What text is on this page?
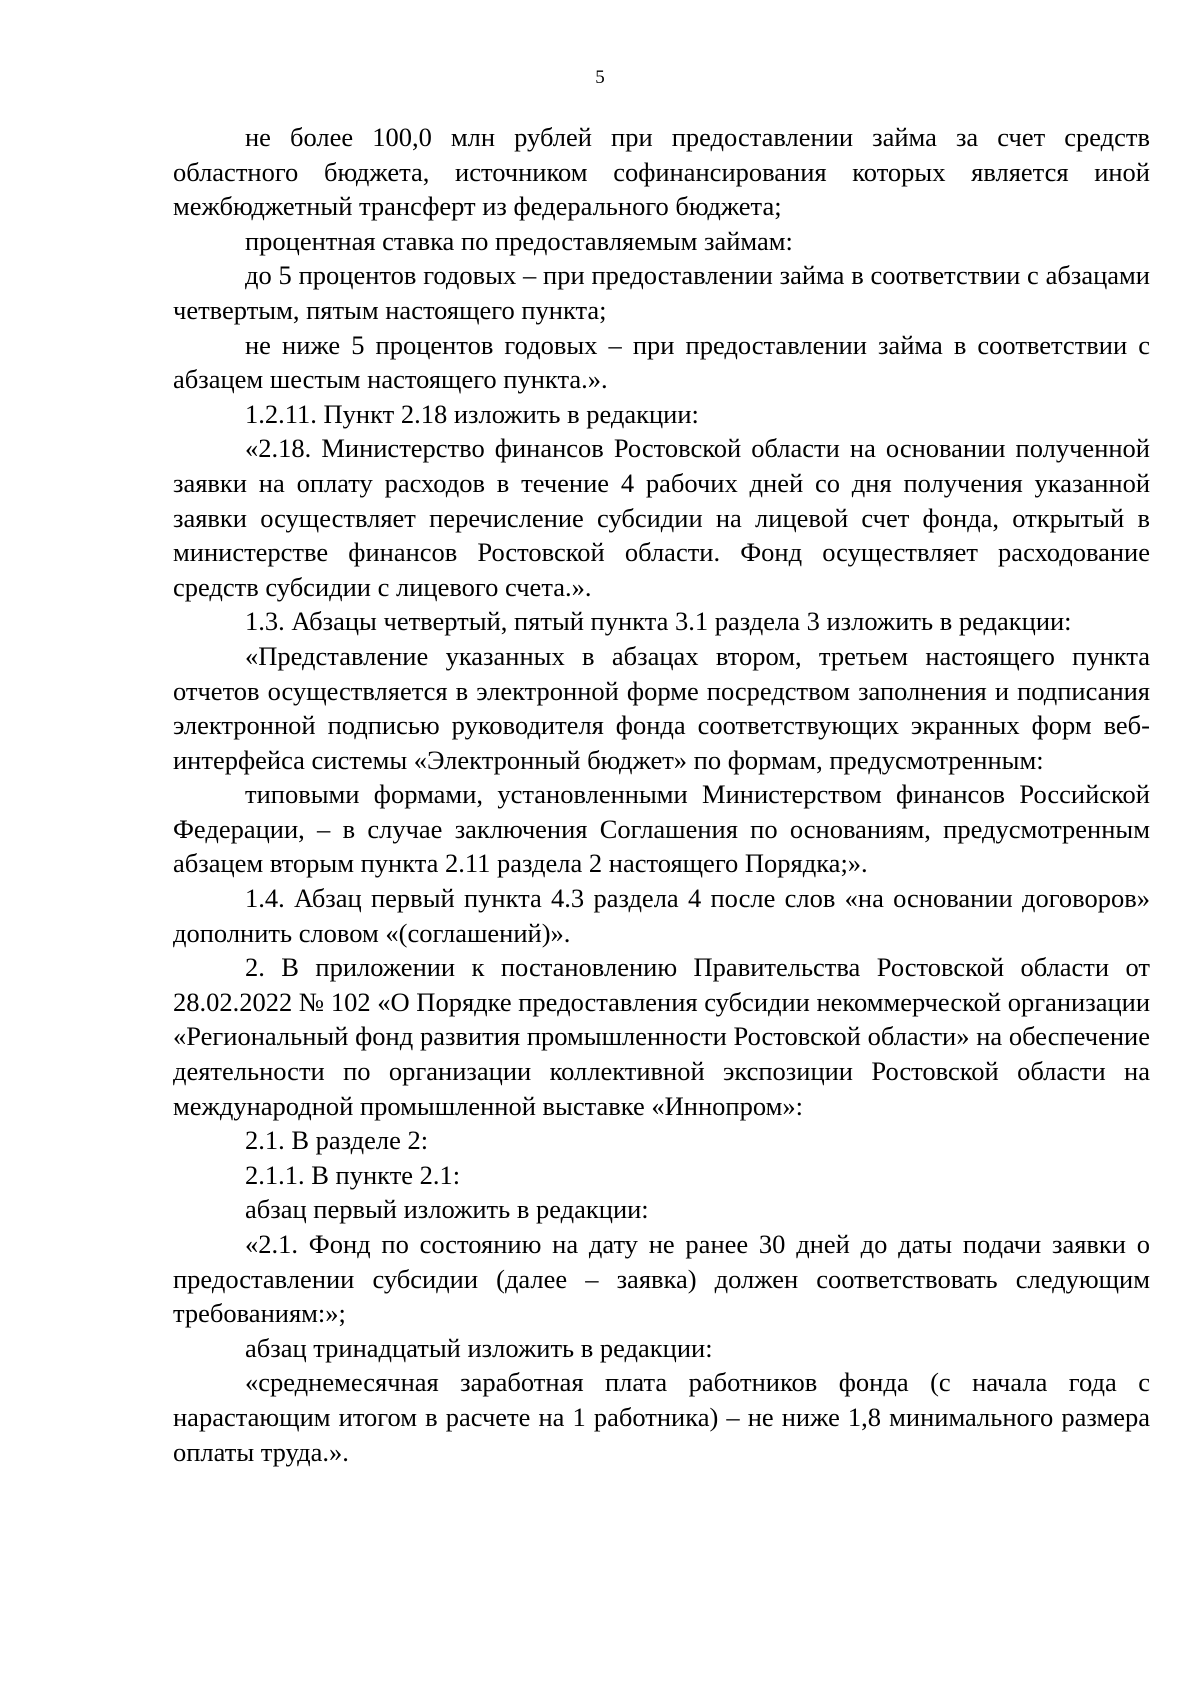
5

не более 100,0 млн рублей при предоставлении займа за счет средств областного бюджета, источником софинансирования которых является иной межбюджетный трансферт из федерального бюджета;

процентная ставка по предоставляемым займам:

до 5 процентов годовых – при предоставлении займа в соответствии с абзацами четвертым, пятым настоящего пункта;

не ниже 5 процентов годовых – при предоставлении займа в соответствии с абзацем шестым настоящего пункта.».

1.2.11. Пункт 2.18 изложить в редакции:

«2.18. Министерство финансов Ростовской области на основании полученной заявки на оплату расходов в течение 4 рабочих дней со дня получения указанной заявки осуществляет перечисление субсидии на лицевой счет фонда, открытый в министерстве финансов Ростовской области. Фонд осуществляет расходование средств субсидии с лицевого счета.».

1.3. Абзацы четвертый, пятый пункта 3.1 раздела 3 изложить в редакции:

«Представление указанных в абзацах втором, третьем настоящего пункта отчетов осуществляется в электронной форме посредством заполнения и подписания электронной подписью руководителя фонда соответствующих экранных форм веб-интерфейса системы «Электронный бюджет» по формам, предусмотренным:

типовыми формами, установленными Министерством финансов Российской Федерации, – в случае заключения Соглашения по основаниям, предусмотренным абзацем вторым пункта 2.11 раздела 2 настоящего Порядка;».

1.4. Абзац первый пункта 4.3 раздела 4 после слов «на основании договоров» дополнить словом «(соглашений)».

2. В приложении к постановлению Правительства Ростовской области от 28.02.2022 № 102 «О Порядке предоставления субсидии некоммерческой организации «Региональный фонд развития промышленности Ростовской области» на обеспечение деятельности по организации коллективной экспозиции Ростовской области на международной промышленной выставке «Иннопром»:

2.1. В разделе 2:

2.1.1. В пункте 2.1:

абзац первый изложить в редакции:

«2.1. Фонд по состоянию на дату не ранее 30 дней до даты подачи заявки о предоставлении субсидии (далее – заявка) должен соответствовать следующим требованиям:»;

абзац тринадцатый изложить в редакции:

«среднемесячная заработная плата работников фонда (с начала года с нарастающим итогом в расчете на 1 работника) – не ниже 1,8 минимального размера оплаты труда.».
